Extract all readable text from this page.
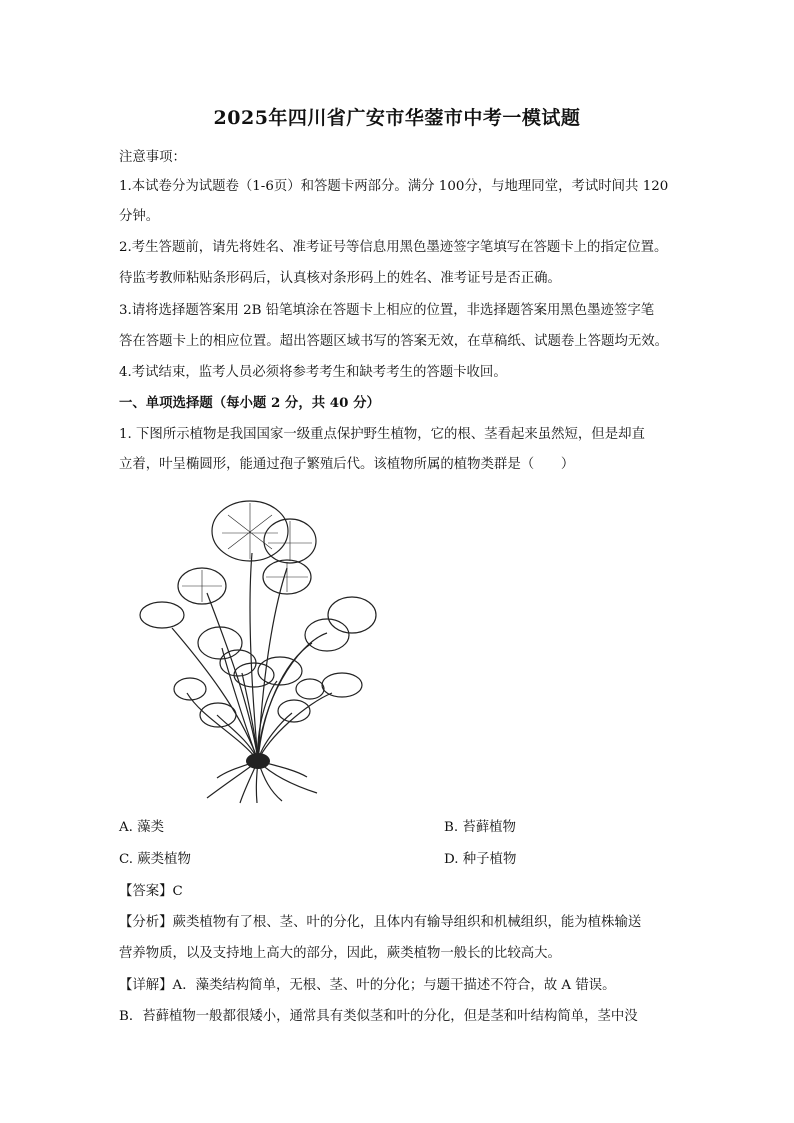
2025年四川省广安市华蓥市中考一模试题
注意事项：
1.本试卷分为试题卷（1-6页）和答题卡两部分。满分 100分，与地理同堂，考试时间共 120
分钟。
2.考生答题前，请先将姓名、准考证号等信息用黑色墨迹签字笔填写在答题卡上的指定位置。
待监考教师粘贴条形码后，认真核对条形码上的姓名、准考证号是否正确。
3.请将选择题答案用 2B 铅笔填涂在答题卡上相应的位置，非选择题答案用黑色墨迹签字笔
答在答题卡上的相应位置。超出答题区域书写的答案无效，在草稿纸、试题卷上答题均无效。
4.考试结束，监考人员必须将参考考生和缺考考生的答题卡收回。
一、单项选择题（每小题 2 分，共 40 分）
1. 下图所示植物是我国国家一级重点保护野生植物，它的根、茎看起来虽然短，但是却直
立着，叶呈椭圆形，能通过孢子繁殖后代。该植物所属的植物类群是（　　）
A. 藻类	B. 苔藓植物
C. 蕨类植物	D. 种子植物
【答案】C
【分析】蕨类植物有了根、茎、叶的分化，且体内有输导组织和机械组织，能为植株输送
营养物质，以及支持地上高大的部分，因此，蕨类植物一般长的比较高大。
【详解】A．藻类结构简单，无根、茎、叶的分化；与题干描述不符合，故 A 错误。
B．苔藓植物一般都很矮小，通常具有类似茎和叶的分化，但是茎和叶结构简单，茎中没
